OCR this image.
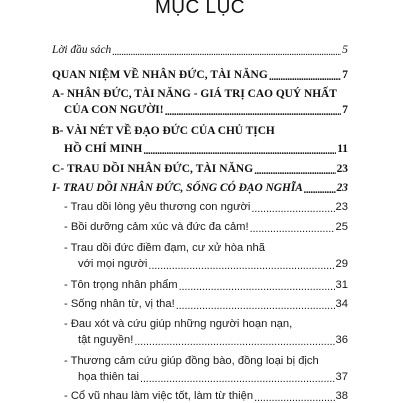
MỤC LỤC
Lời đầu sách . . .	5
QUAN NIỆM VỀ NHÂN ĐỨC, TÀI NĂNG . . .	7
A- NHÂN ĐỨC, TÀI NĂNG - GIÁ TRỊ CAO QUÝ NHẤT
CỦA CON NGƯỜI! . . .	7
B- VÀI NÉT VỀ ĐẠO ĐỨC CỦA CHỦ TỊCH
HỒ CHÍ MINH . . .	11
C- TRAU DỒI NHÂN ĐỨC, TÀI NĂNG . . .	23
I- TRAU DỒI NHÂN ĐỨC, SỐNG CÓ ĐẠO NGHĨA . . .	23
- Trau dồi lòng yêu thương con người . . .	23
- Bồi dưỡng cảm xúc và đức đa cảm! . . .	25
- Trau dồi đức điềm đạm, cư xử hòa nhã
với mọi người . . .	29
- Tôn trọng nhân phẩm . . .	31
- Sống nhân từ, vị tha! . . .	34
- Đau xót và cứu giúp những người hoạn nạn,
tật nguyền! . . .	36
- Thương cảm cứu giúp đồng bào, đồng loại bị địch
họa thiên tai . . .	37
- Cổ vũ nhau làm việc tốt, làm từ thiện . . .	38
